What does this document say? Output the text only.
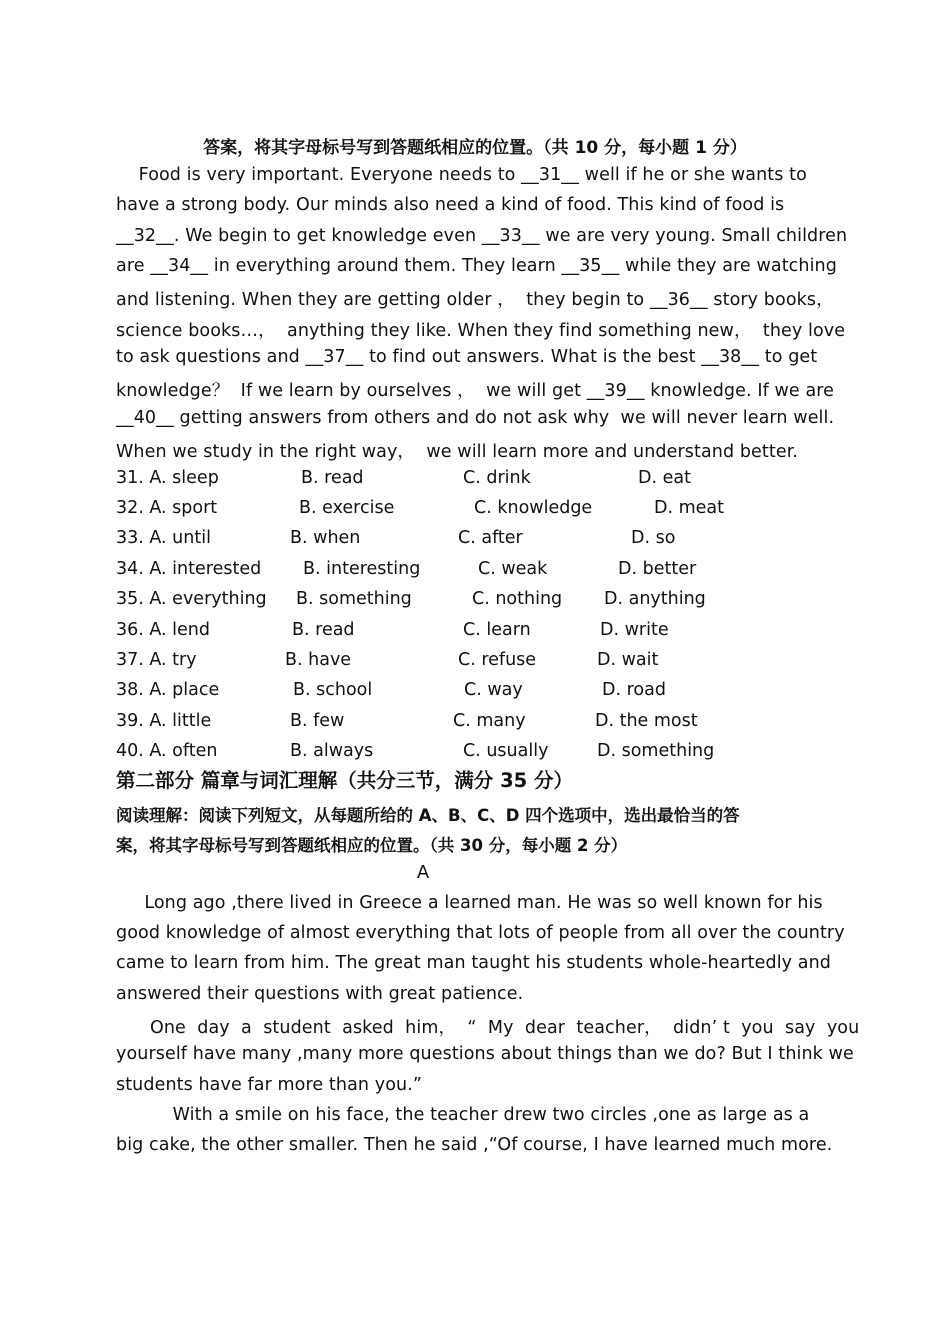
答案，将其字母标号写到答题纸相应的位置。（共 10 分，每小题 1 分）
Food is very important. Everyone needs to __31__ well if he or she wants to
have a strong body. Our minds also need a kind of food. This kind of food is
__32__. We begin to get knowledge even __33__ we are very young. Small children
are __34__ in everything around them. They learn __35__ while they are watching
and listening. When they are getting older ，  they begin to __36__ story books，
science books…，  anything they like. When they find something new，  they love
to ask questions and __37__ to find out answers. What is the best __38__ to get
knowledge？  If we learn by ourselves ，  we will get __39__ knowledge. If we are
__40__ getting answers from others and do not ask why  we will never learn well.
When we study in the right way，  we will learn more and understand better.
31. A. sleep	B. read	C. drink	D. eat
32. A. sport	B. exercise	C. knowledge	D. meat
33. A. until	B. when	C. after	D. so
34. A. interested B. interesting	C. weak	D. better
35. A. everything B. something	C. nothing D. anything
36. A. lend	B. read	C. learn	D. write
37. A. try	B. have	C. refuse	D. wait
38. A. place	B. school	C. way	D. road
39. A. little	B. few	C. many	D. the most
40. A. often	B. always	C. usually	D. something
第二部分 篇章与词汇理解（共分三节，满分 35 分）
阅读理解：阅读下列短文，从每题所给的 A、B、C、D 四个选项中，选出最恰当的答
案，将其字母标号写到答题纸相应的位置。（共 30 分，每小题 2 分）
A
Long ago ,there lived in Greece a learned man. He was so well known for his
good knowledge of almost everything that lots of people from all over the country
came to learn from him. The great man taught his students whole-heartedly and
answered their questions with great patience.
One  day  a  student  asked  him，  “  My  dear  teacher，  didn’ t  you  say  you
yourself have many ,many more questions about things than we do? But I think we
students have far more than you.”
With a smile on his face, the teacher drew two circles ,one as large as a
big cake, the other smaller. Then he said ,“Of course, I have learned much more.
